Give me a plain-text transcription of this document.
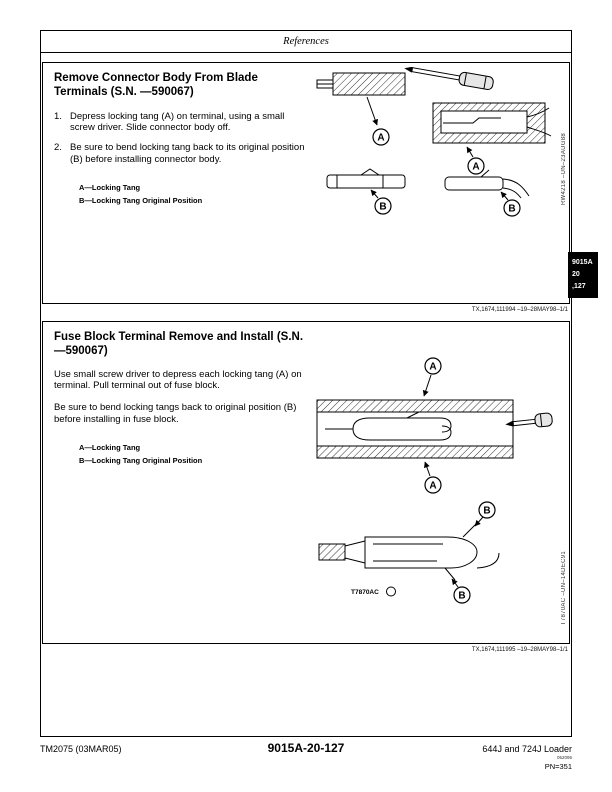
References
Remove Connector Body From Blade Terminals (S.N. —590067)
1. Depress locking tang (A) on terminal, using a small screw driver. Slide connector body off.
2. Be sure to bend locking tang back to its original position (B) before installing connector body.
A—Locking Tang
B—Locking Tang Original Position
A
A
B	B
RW4218 –UN–23AUG88
TX,1674,111994 –19–28MAY98–1/1
Fuse Block Terminal Remove and Install (S.N. —590067)
Use small screw driver to depress each locking tang (A) on terminal. Pull terminal out of fuse block.
Be sure to bend locking tangs back to original position (B) before installing in fuse block.
A—Locking Tang
B—Locking Tang Original Position
A
A
B
B
T7870AC	T7870AC –UN–14DEC91
TX,1674,111995 –19–28MAY98–1/1
9015A
20
,127
TM2075 (03MAR05)	9015A-20-127	644J and 724J Loader
052095
PN=351
